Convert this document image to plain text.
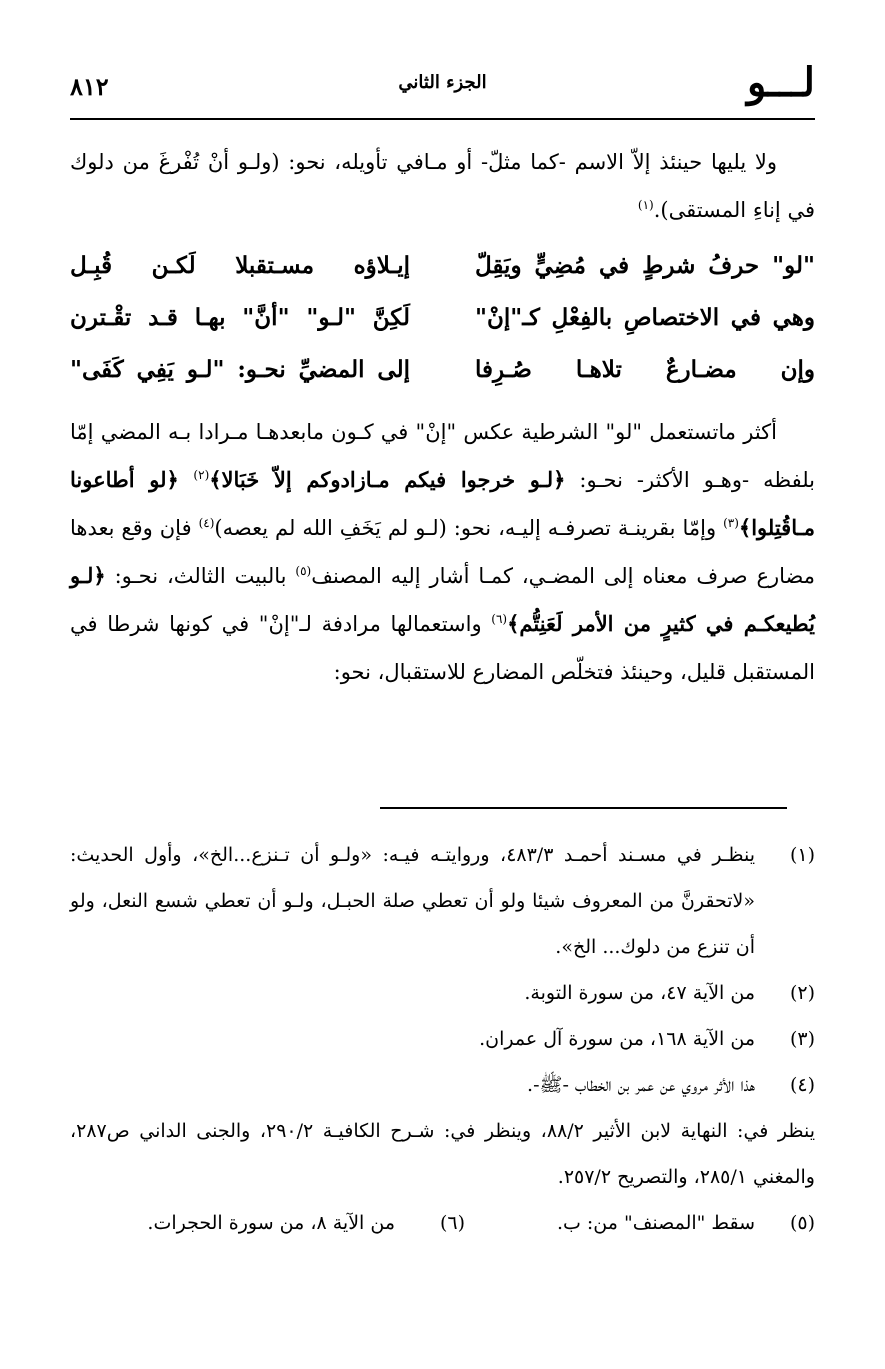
لـــو
الجزء الثاني
٨١٢
ولا يليها حينئذ إلاّ الاسم -كما مثلّ- أو مـافي تأويله، نحو: (ولـو أنْ تُفْرغَ من دلوك في إناءِ المستقى).$^{(١)}$
"لو" حرفُ شرطٍ في مُضِيٍّ ويَقِلّ
إيـلاؤه مسـتقبلا لَكـن قُبِـل
وهي في الاختصاصِ بالفِعْلِ كـ"إنْ"
لَكِنَّ "لـو" "أنَّ" بهـا قـد تقْـترن
وإن مضـارعٌ تلاهـا صُـرِفا
إلى المضيِّ نحـو: "لـو يَفِي كَفَى"
أكثر ماتستعمل "لو" الشرطية عكس "إنْ" في كـون مابعدهـا مـرادا بـه المضي إمّا بلفظه -وهـو الأكثر- نحـو: ﴿لـو خرجوا فيكم مـازادوكم إلاّ خَبَالا﴾$^{(٢)}$ ﴿لو أطاعونا مـاقُتِلوا﴾$^{(٣)}$ وإمّا بقرينـة تصرفـه إليـه، نحو: (لـو لم يَخَفِ الله لم يعصه)$^{(٤)}$ فإن وقع بعدها مضارع صرف معناه إلى المضـي، كمـا أشار إليه المصنف$^{(٥)}$ بالبيت الثالث، نحـو: ﴿لـو يُطيعكـم في كثيرٍ من الأمر لَعَنِتُّم﴾$^{(٦)}$ واستعمالها مرادفة لـ"إنْ" في كونها شرطا في المستقبل قليل، وحينئذ فتخلّص المضارع للاستقبال، نحو:
(١)
ينظـر في مسـند أحمـد ٤٨٣/٣، وروايتـه فيـه: «ولـو أن تـنزع...الخ»، وأول الحديث: «لاتحقرنَّ من المعروف شيئا ولو أن تعطي صلة الحبـل، ولـو أن تعطي شسع النعل، ولو أن تنزع من دلوك... الخ».
(٢)
من الآية ٤٧، من سورة التوبة.
(٣)
من الآية ١٦٨، من سورة آل عمران.
(٤)
هذا الأثر مروي عن عمر بن الخطاب -ﷺ-.
ينظر في: النهاية لابن الأثير ٨٨/٢، وينظر في: شـرح الكافيـة ٢٩٠/٢، والجنى الداني ص٢٨٧، والمغني ٢٨٥/١، والتصريح ٢٥٧/٢.
(٥)
سقط "المصنف" من: ب.
(٦)
من الآية ٨، من سورة الحجرات.
